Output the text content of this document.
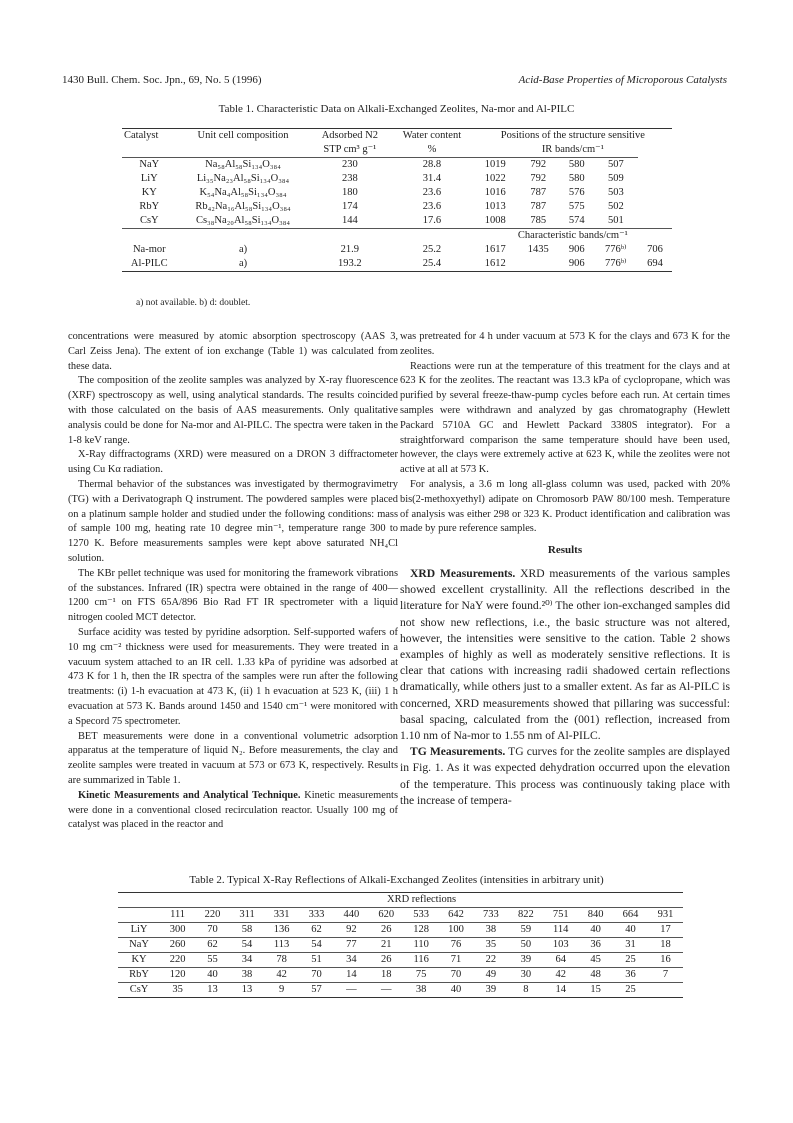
1430 Bull. Chem. Soc. Jpn., 69, No. 5 (1996)	Acid-Base Properties of Microporous Catalysts
Table 1. Characteristic Data on Alkali-Exchanged Zeolites, Na-mor and Al-PILC
Catalyst	Unit cell composition	Adsorbed N2	Water content	Positions of the structure sensitive				
		STP cm³ g⁻¹	%	IR bands/cm⁻¹				
NaY	Na₅₈Al₅₈Si₁₃₄O₃₈₄	230	28.8	1019	792	580	507	
LiY	Li₃₅Na₂₃Al₅₈Si₁₃₄O₃₈₄	238	31.4	1022	792	580	509	
KY	K₅₄Na₄Al₅₈Si₁₃₄O₃₈₄	180	23.6	1016	787	576	503	
RbY	Rb₄₂Na₁₆Al₅₈Si₁₃₄O₃₈₄	174	23.6	1013	787	575	502	
CsY	Cs₃₈Na₂₀Al₅₈Si₁₃₄O₃₈₄	144	17.6	1008	785	574	501	
				Characteristic bands/cm⁻¹				
Na-mor	a)	21.9	25.2	1617	1435	906	776ᵇ⁾	706
Al-PILC	a)	193.2	25.4	1612		906	776ᵇ⁾	694
a) not available. b) d: doublet.

concentrations were measured by atomic absorption spectroscopy (AAS 3, Carl Zeiss Jena). The extent of ion exchange (Table 1) was calculated from these data.

The composition of the zeolite samples was analyzed by X-ray fluorescence (XRF) spectroscopy as well, using analytical standards. The results coincided with those calculated on the basis of AAS measurements. Only qualitative analysis could be done for Na-mor and Al-PILC. The spectra were taken in the 1-8 keV range.

X-Ray diffractograms (XRD) were measured on a DRON 3 diffractometer using Cu Kα radiation.

Thermal behavior of the substances was investigated by thermogravimetry (TG) with a Derivatograph Q instrument. The powdered samples were placed on a platinum sample holder and studied under the following conditions: mass of sample 100 mg, heating rate 10 degree min⁻¹, temperature range 300 to 1270 K. Before measurements samples were kept above saturated NH₄Cl solution.

The KBr pellet technique was used for monitoring the framework vibrations of the substances. Infrared (IR) spectra were obtained in the range of 400—1200 cm⁻¹ on FTS 65A/896 Bio Rad FT IR spectrometer with a liquid nitrogen cooled MCT detector.

Surface acidity was tested by pyridine adsorption. Self-supported wafers of 10 mg cm⁻² thickness were used for measurements. They were treated in a vacuum system attached to an IR cell. 1.33 kPa of pyridine was adsorbed at 473 K for 1 h, then the IR spectra of the samples were run after the following treatments: (i) 1-h evacuation at 473 K, (ii) 1 h evacuation at 523 K, (iii) 1 h evacuation at 573 K. Bands around 1450 and 1540 cm⁻¹ were monitored with a Specord 75 spectrometer.

BET measurements were done in a conventional volumetric adsorption apparatus at the temperature of liquid N₂. Before measurements, the clay and zeolite samples were treated in vacuum at 573 or 673 K, respectively. Results are summarized in Table 1.

Kinetic Measurements and Analytical Technique. Kinetic measurements were done in a conventional closed recirculation reactor. Usually 100 mg of catalyst was placed in the reactor and

was pretreated for 4 h under vacuum at 573 K for the clays and 673 K for the zeolites.

Reactions were run at the temperature of this treatment for the clays and at 623 K for the zeolites. The reactant was 13.3 kPa of cyclopropane, which was purified by several freeze-thaw-pump cycles before each run. At certain times samples were withdrawn and analyzed by gas chromatography (Hewlett Packard 5710A GC and Hewlett Packard 3380S integrator). For a straightforward comparison the same temperature should have been used, however, the clays were extremely active at 623 K, while the zeolites were not active at all at 573 K.

For analysis, a 3.6 m long all-glass column was used, packed with 20% bis(2-methoxyethyl) adipate on Chromosorb PAW 80/100 mesh. Temperature of analysis was either 298 or 323 K. Product identification and calibration was made by pure reference samples.

Results

XRD Measurements. XRD measurements of the various samples showed excellent crystallinity. All the reflections described in the literature for NaY were found.²⁰⁾ The other ion-exchanged samples did not show new reflections, i.e., the basic structure was not altered, however, the intensities were sensitive to the cation. Table 2 shows examples of highly as well as moderately sensitive reflections. It is clear that cations with increasing radii shadowed certain reflections dramatically, while others just to a smaller extent. As far as Al-PILC is concerned, XRD measurements showed that pillaring was successful: basal spacing, calculated from the (001) reflection, increased from 1.10 nm of Na-mor to 1.55 nm of Al-PILC.

TG Measurements. TG curves for the zeolite samples are displayed in Fig. 1. As it was expected dehydration occurred upon the elevation of the temperature. This process was continuously taking place with the increase of tempera-

Table 2. Typical X-Ray Reflections of Alkali-Exchanged Zeolites (intensities in arbitrary unit)
	XRD reflections														
	111	220	311	331	333	440	620	533	642	733	822	751	840	664	931
LiY	300	70	58	136	62	92	26	128	100	38	59	114	40	40	17
NaY	260	62	54	113	54	77	21	110	76	35	50	103	36	31	18
KY	220	55	34	78	51	34	26	116	71	22	39	64	45	25	16
RbY	120	40	38	42	70	14	18	75	70	49	30	42	48	36	7
CsY	35	13	13	9	57	—	—	38	40	39	8	14	15	25	
